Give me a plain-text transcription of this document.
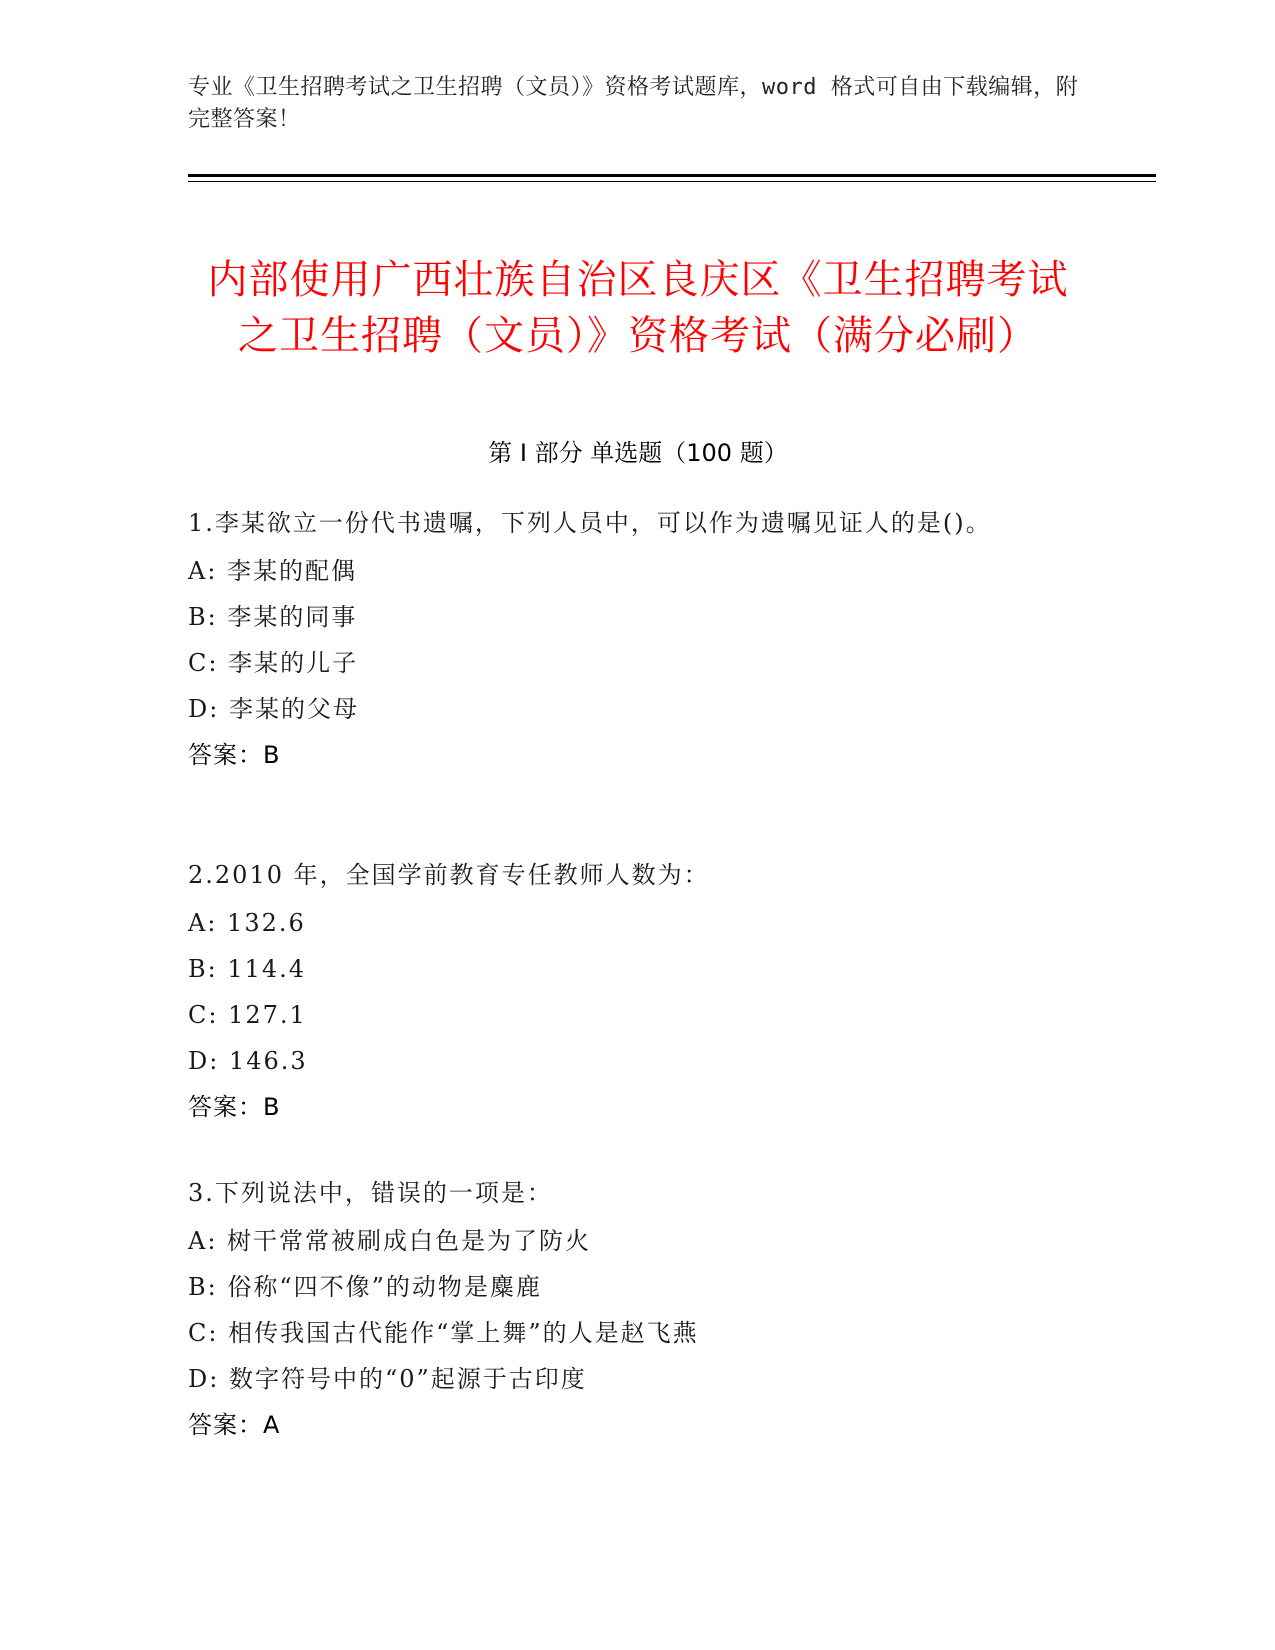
专业《卫生招聘考试之卫生招聘（文员）》资格考试题库，word 格式可自由下载编辑，附完整答案！
内部使用广西壮族自治区良庆区《卫生招聘考试之卫生招聘（文员）》资格考试（满分必刷）
第 I 部分 单选题（100 题）

1.李某欲立一份代书遗嘱，下列人员中，可以作为遗嘱见证人的是()。

A: 李某的配偶

B: 李某的同事

C: 李某的儿子

D: 李某的父母

答案：B

2.2010 年，全国学前教育专任教师人数为：

A: 132.6

B: 114.4

C: 127.1

D: 146.3

答案：B

3.下列说法中，错误的一项是：

A: 树干常常被刷成白色是为了防火

B: 俗称“四不像”的动物是麋鹿

C: 相传我国古代能作“掌上舞”的人是赵飞燕

D: 数字符号中的“0”起源于古印度

答案：A
